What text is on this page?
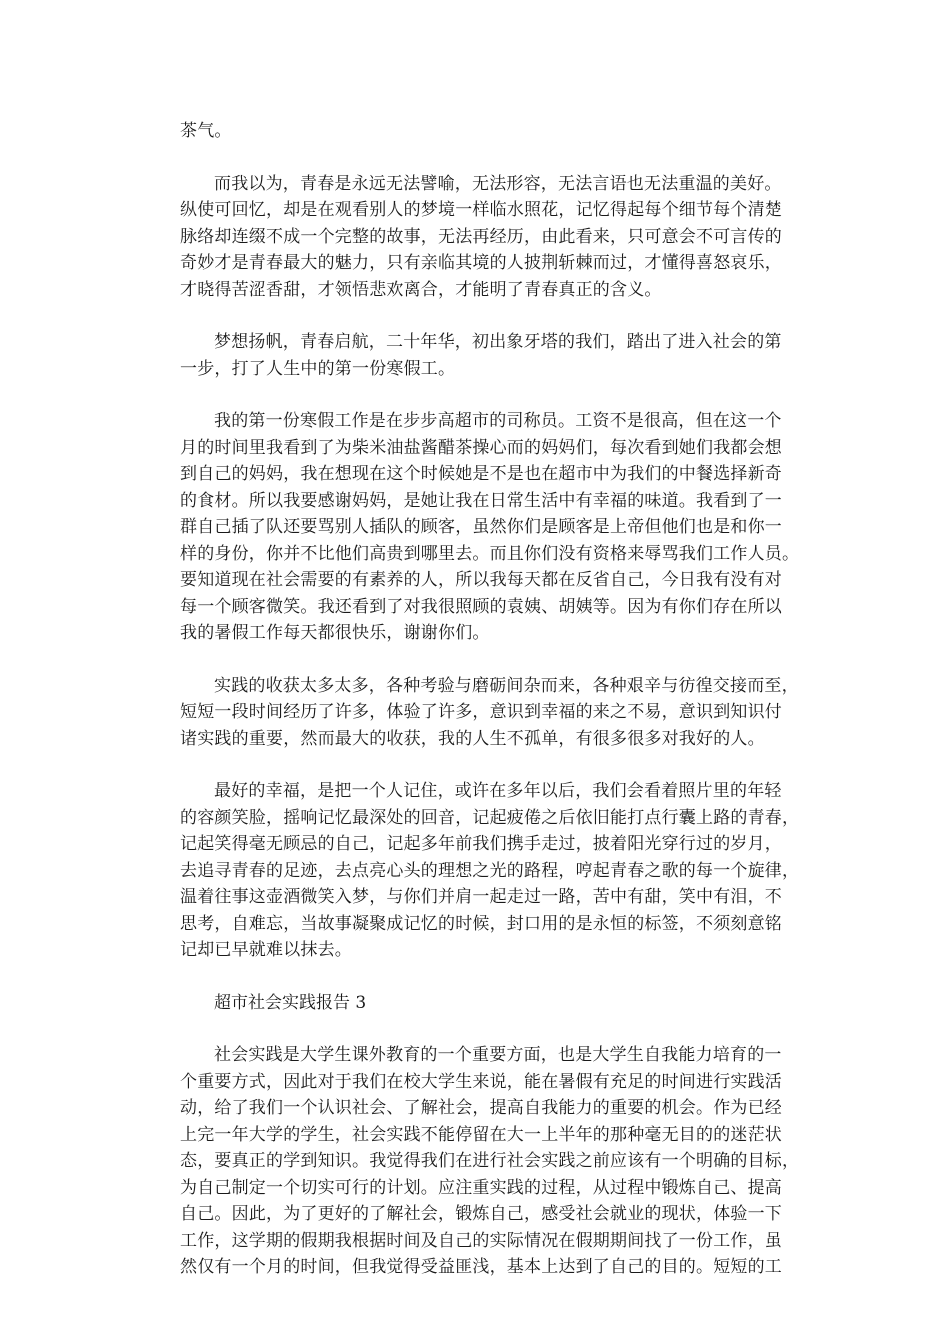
茶气。
而我以为，青春是永远无法譬喻，无法形容，无法言语也无法重温的美好。
纵使可回忆，却是在观看别人的梦境一样临水照花，记忆得起每个细节每个清楚
脉络却连缀不成一个完整的故事，无法再经历，由此看来，只可意会不可言传的
奇妙才是青春最大的魅力，只有亲临其境的人披荆斩棘而过，才懂得喜怒哀乐，
才晓得苦涩香甜，才领悟悲欢离合，才能明了青春真正的含义。
梦想扬帆，青春启航，二十年华，初出象牙塔的我们，踏出了进入社会的第
一步，打了人生中的第一份寒假工。
我的第一份寒假工作是在步步高超市的司称员。工资不是很高，但在这一个
月的时间里我看到了为柴米油盐酱醋茶操心而的妈妈们，每次看到她们我都会想
到自己的妈妈，我在想现在这个时候她是不是也在超市中为我们的中餐选择新奇
的食材。所以我要感谢妈妈，是她让我在日常生活中有幸福的味道。我看到了一
群自己插了队还要骂别人插队的顾客，虽然你们是顾客是上帝但他们也是和你一
样的身份，你并不比他们高贵到哪里去。而且你们没有资格来辱骂我们工作人员。
要知道现在社会需要的有素养的人，所以我每天都在反省自己，今日我有没有对
每一个顾客微笑。我还看到了对我很照顾的袁姨、胡姨等。因为有你们存在所以
我的暑假工作每天都很快乐，谢谢你们。
实践的收获太多太多，各种考验与磨砺间杂而来，各种艰辛与彷徨交接而至，
短短一段时间经历了许多，体验了许多，意识到幸福的来之不易，意识到知识付
诸实践的重要，然而最大的收获，我的人生不孤单，有很多很多对我好的人。
最好的幸福，是把一个人记住，或许在多年以后，我们会看着照片里的年轻
的容颜笑脸，摇响记忆最深处的回音，记起疲倦之后依旧能打点行囊上路的青春，
记起笑得毫无顾忌的自己，记起多年前我们携手走过，披着阳光穿行过的岁月，
去追寻青春的足迹，去点亮心头的理想之光的路程，哼起青春之歌的每一个旋律，
温着往事这壶酒微笑入梦，与你们并肩一起走过一路，苦中有甜，笑中有泪，不
思考，自难忘，当故事凝聚成记忆的时候，封口用的是永恒的标签，不须刻意铭
记却已早就难以抹去。
超市社会实践报告 3
社会实践是大学生课外教育的一个重要方面，也是大学生自我能力培育的一
个重要方式，因此对于我们在校大学生来说，能在暑假有充足的时间进行实践活
动，给了我们一个认识社会、了解社会，提高自我能力的重要的机会。作为已经
上完一年大学的学生，社会实践不能停留在大一上半年的那种毫无目的的迷茫状
态，要真正的学到知识。我觉得我们在进行社会实践之前应该有一个明确的目标，
为自己制定一个切实可行的计划。应注重实践的过程，从过程中锻炼自己、提高
自己。因此，为了更好的了解社会，锻炼自己，感受社会就业的现状，体验一下
工作，这学期的假期我根据时间及自己的实际情况在假期期间找了一份工作，虽
然仅有一个月的时间，但我觉得受益匪浅，基本上达到了自己的目的。短短的工
